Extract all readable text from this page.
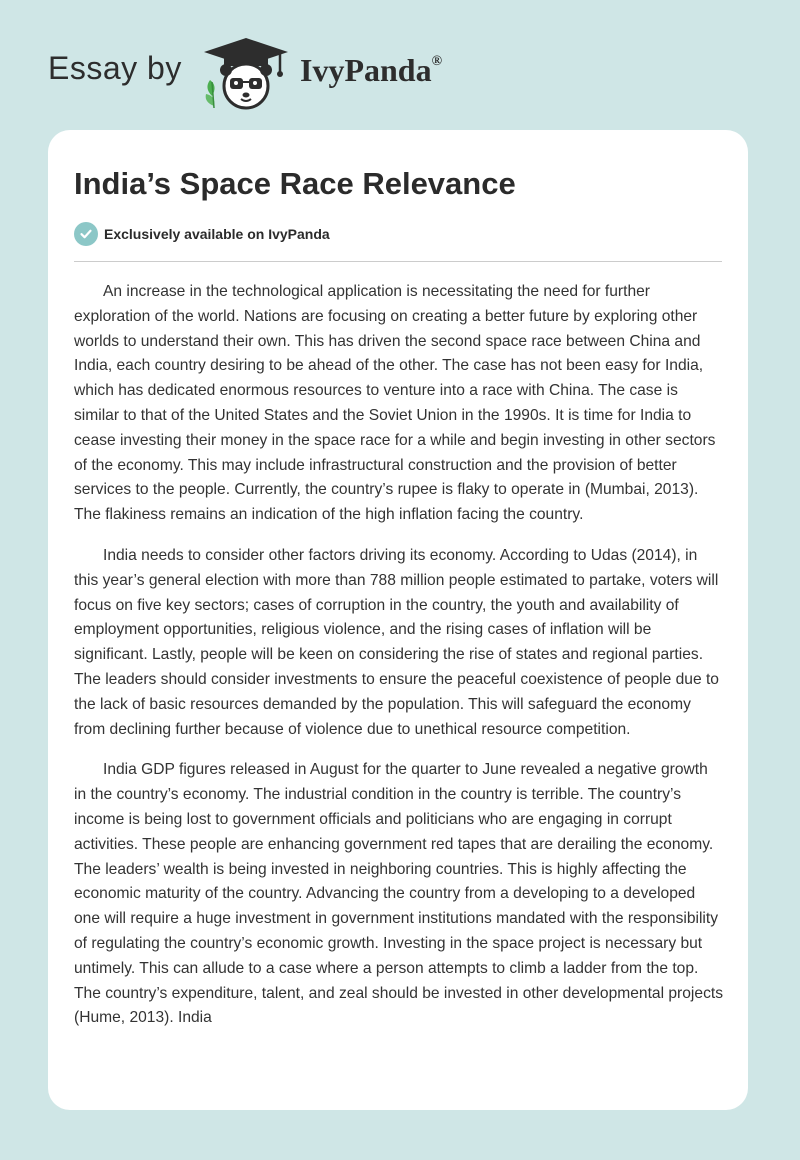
Essay by	IvyPanda®
India’s Space Race Relevance
Exclusively available on IvyPanda

An increase in the technological application is necessitating the need for further exploration of the world. Nations are focusing on creating a better future by exploring other worlds to understand their own. This has driven the second space race between China and India, each country desiring to be ahead of the other. The case has not been easy for India, which has dedicated enormous resources to venture into a race with China. The case is similar to that of the United States and the Soviet Union in the 1990s. It is time for India to cease investing their money in the space race for a while and begin investing in other sectors of the economy. This may include infrastructural construction and the provision of better services to the people. Currently, the country’s rupee is flaky to operate in (Mumbai, 2013). The flakiness remains an indication of the high inflation facing the country.

India needs to consider other factors driving its economy. According to Udas (2014), in this year’s general election with more than 788 million people estimated to partake, voters will focus on five key sectors; cases of corruption in the country, the youth and availability of employment opportunities, religious violence, and the rising cases of inflation will be significant. Lastly, people will be keen on considering the rise of states and regional parties. The leaders should consider investments to ensure the peaceful coexistence of people due to the lack of basic resources demanded by the population. This will safeguard the economy from declining further because of violence due to unethical resource competition.

India GDP figures released in August for the quarter to June revealed a negative growth in the country’s economy. The industrial condition in the country is terrible. The country’s income is being lost to government officials and politicians who are engaging in corrupt activities. These people are enhancing government red tapes that are derailing the economy. The leaders’ wealth is being invested in neighboring countries. This is highly affecting the economic maturity of the country. Advancing the country from a developing to a developed one will require a huge investment in government institutions mandated with the responsibility of regulating the country’s economic growth. Investing in the space project is necessary but untimely. This can allude to a case where a person attempts to climb a ladder from the top. The country’s expenditure, talent, and zeal should be invested in other developmental projects (Hume, 2013). India
